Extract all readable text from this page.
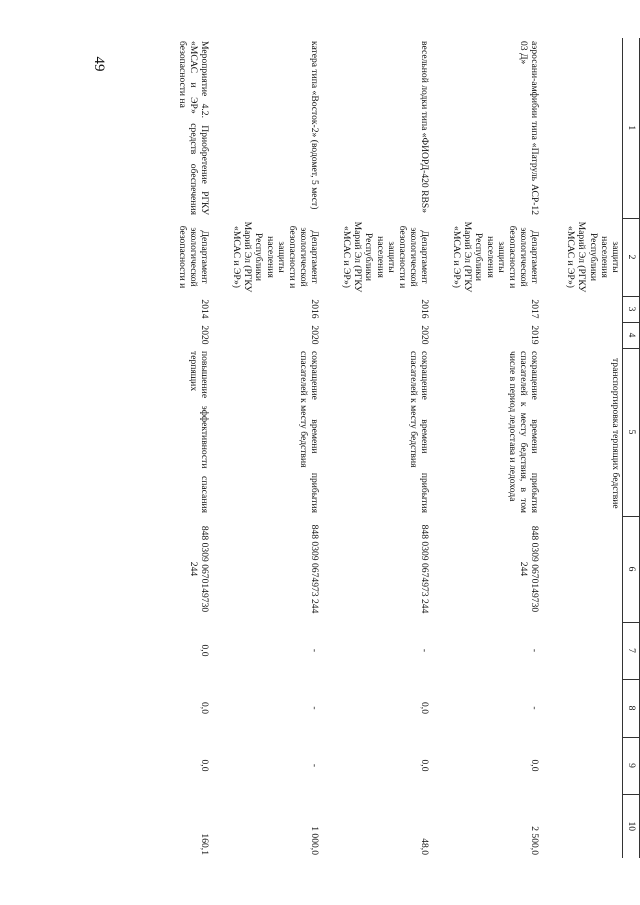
49
1	2	3	4	5	6	7	8	9	10
	защиты населения Республики Марий Эл (РГКУ «МСАС и ЭР»)			транспортировка терпящих бедствие					
аэросани-амфибии типа «Патруль АСР-12 03 Д»	Департамент экологической безопасности и защиты населения Республики Марий Эл (РГКУ «МСАС и ЭР»)	2017	2019	сокращение времени прибытия спасателей к месту бедствия, в том числе в период ледостава и ледохода	848 0309 0670149730 244	-	-	0,0	2 500,0
весельной лодки типа «ФИОРД-420 RBS»	Департамент экологической безопасности и защиты населения Республики Марий Эл (РГКУ «МСАС и ЭР»)	2016	2020	сокращение времени прибытия спасателей к месту бедствия	848 0309 0674973 244	-	0,0	0,0	48,0
катера типа «Восток-2» (водомет, 5 мест)	Департамент экологической безопасности и защиты населения Республики Марий Эл (РГКУ «МСАС и ЭР»)	2016	2020	сокращение времени прибытия спасателей к месту бедствия	848 0309 0674973 244	-	-	-	1 000,0
Мероприятие 4.2. Приобретение РГКУ «МСАС и ЭР» средств обеспечения безопасности на	Департамент экологической безопасности и	2014	2020	повышение эффективности спасания терпящих	848 0309 0670149730 244	0,0	0,0	0,0	160,1
